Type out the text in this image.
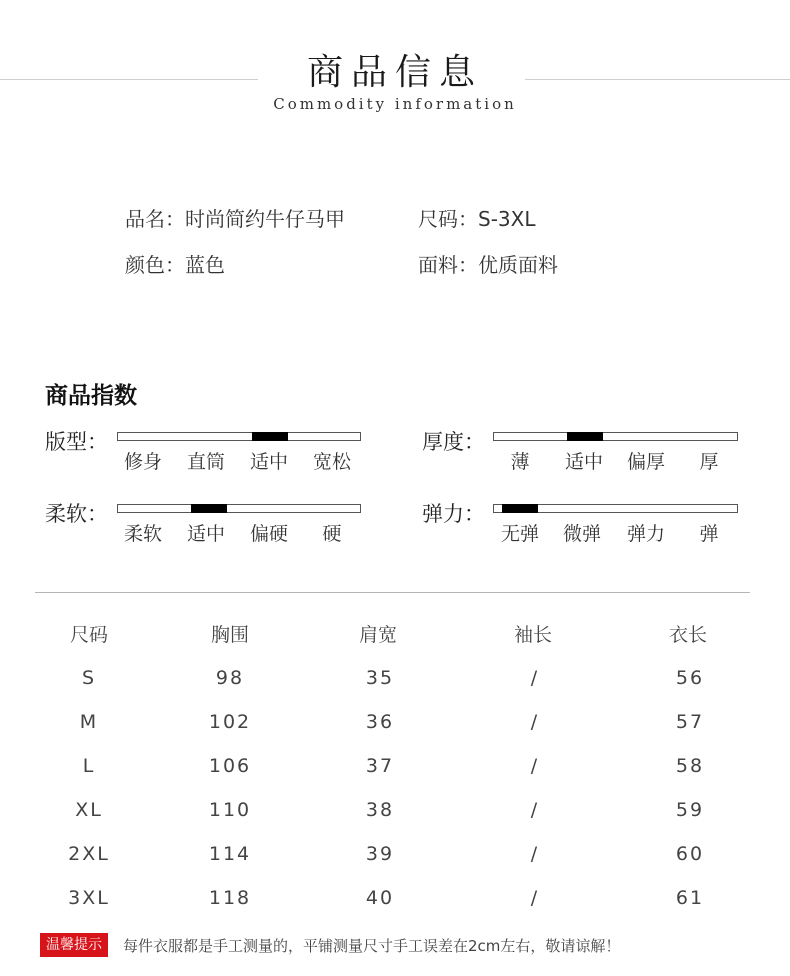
商品信息
Commodity information
品名：时尚简约牛仔马甲	尺码：S-3XL
颜色：蓝色	面料：优质面料
商品指数
版型：
修身	直筒	适中	宽松
厚度：
薄	适中	偏厚	厚
柔软：
柔软	适中	偏硬	硬
弹力：
无弹	微弹	弹力	弹
尺码	胸围	肩宽	袖长	衣长
S	98	35	/	56
M	102	36	/	57
L	106	37	/	58
XL	110	38	/	59
2XL	114	39	/	60
3XL	118	40	/	61
温馨提示	每件衣服都是手工测量的，平铺测量尺寸手工误差在2cm左右，敬请谅解！
